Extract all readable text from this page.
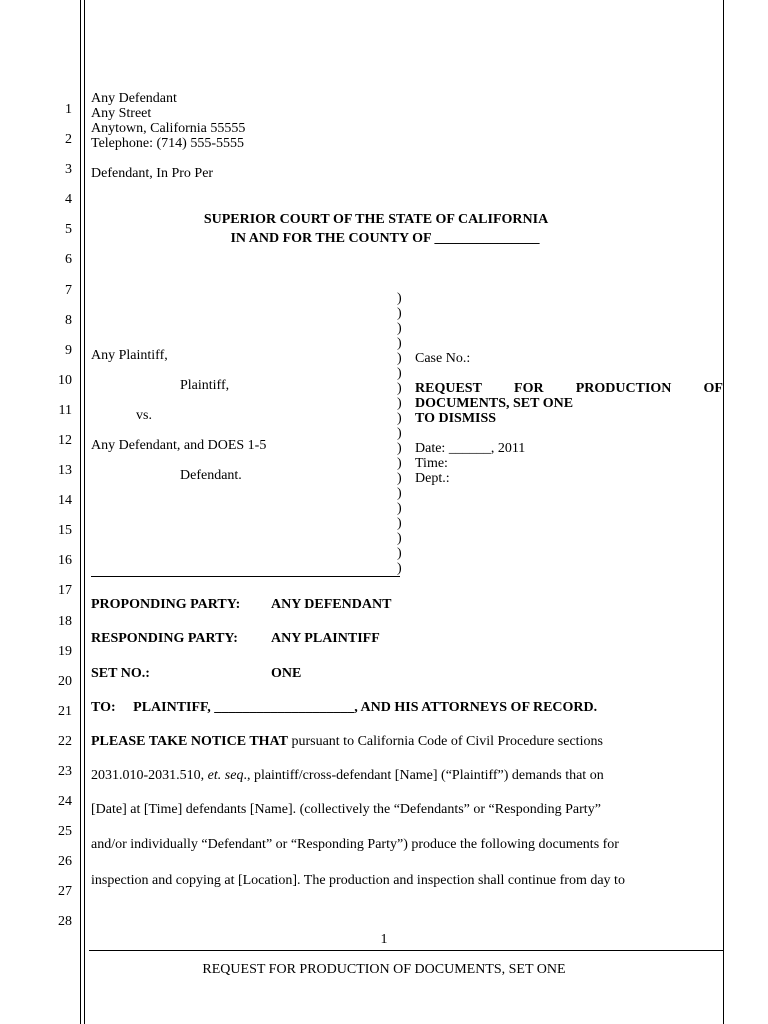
1
2
3
4
5
6
7
8
9
10
11
12
13
14
15
16
17
18
19
20
21
22
23
24
25
26
27
28
Any Defendant
Any Street
Anytown, California 55555
Telephone: (714) 555-5555
Defendant, In Pro Per
SUPERIOR COURT OF THE STATE OF CALIFORNIA
IN AND FOR THE COUNTY OF _______________
Any Plaintiff,
Plaintiff,
vs.
Any Defendant, and DOES 1-5
Defendant.
)
)
)
)
)
)
)
)
)
)
)
)
)
)
)
)
)
)
)
Case No.:
REQUEST FOR PRODUCTION OF
DOCUMENTS, SET ONE
TO DISMISS
Date: ______, 2011
Time:
Dept.:
PROPONDING PARTY: ANY DEFENDANT
RESPONDING PARTY: ANY PLAINTIFF
SET NO.:	ONE
TO:     PLAINTIFF, ____________________, AND HIS ATTORNEYS OF RECORD.
PLEASE TAKE NOTICE THAT pursuant to California Code of Civil Procedure sections
2031.010-2031.510, et. seq., plaintiff/cross-defendant [Name] (“Plaintiff”) demands that on
[Date] at [Time] defendants [Name]. (collectively the “Defendants” or “Responding Party”
and/or individually “Defendant” or “Responding Party”) produce the following documents for
inspection and copying at [Location]. The production and inspection shall continue from day to
1
REQUEST FOR PRODUCTION OF DOCUMENTS, SET ONE
